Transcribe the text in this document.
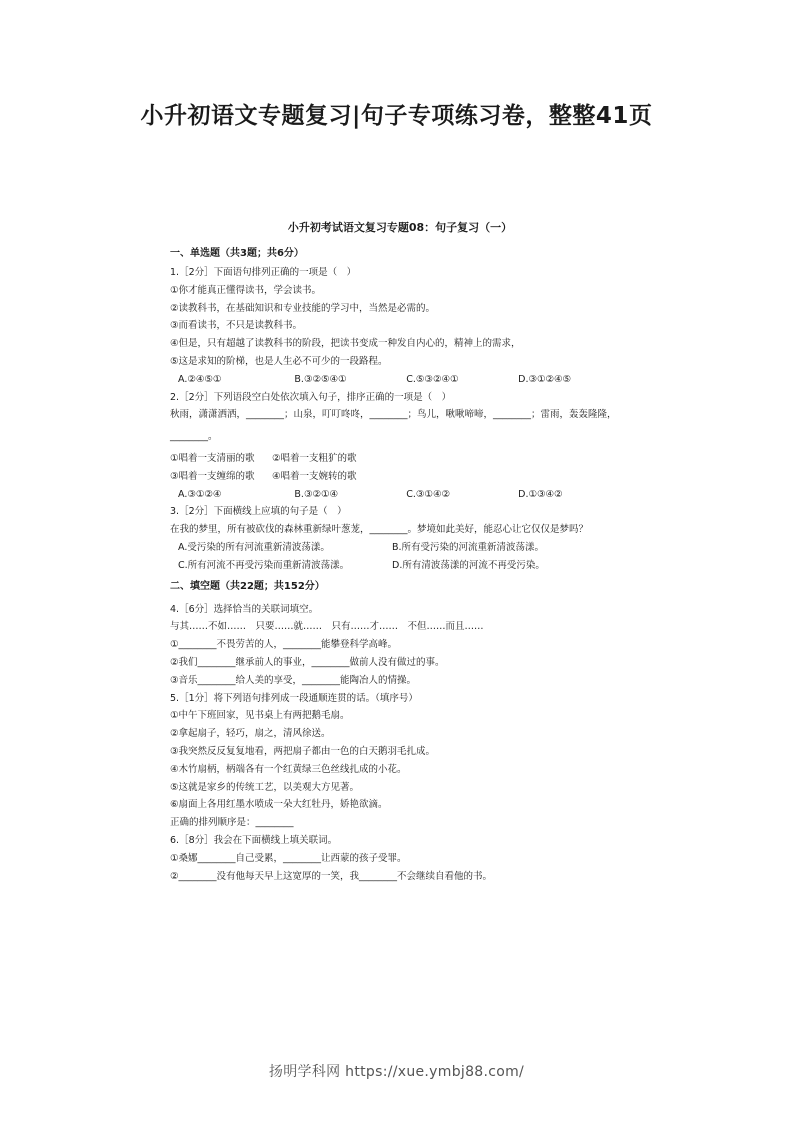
小升初语文专题复习|句子专项练习卷，整整41页
小升初考试语文复习专题08：句子复习（一）
一、单选题（共3题；共6分）
1.［2分］下面语句排列正确的一项是（　）
①你才能真正懂得读书，学会读书。
②读教科书，在基础知识和专业技能的学习中，当然是必需的。
③而看读书，不只是读教科书。
④但是，只有超越了读教科书的阶段，把读书变成一种发自内心的，精神上的需求，
⑤这是求知的阶梯，也是人生必不可少的一段路程。
A.②④⑤①	B.③②⑤④①	C.⑤③②④①	D.③①②④⑤
2.［2分］下列语段空白处依次填入句子，排序正确的一项是（　）
秋雨，潇潇洒洒，________；山泉，叮叮咚咚，________；鸟儿，啾啾啼啼，________；雷雨，轰轰隆隆，
________。
①唱着一支清丽的歌	②唱着一支粗犷的歌
③唱着一支缠绵的歌	④唱着一支婉转的歌
A.③①②④	B.③②①④	C.③①④②	D.①③④②
3.［2分］下面横线上应填的句子是（　）
在我的梦里，所有被砍伐的森林重新绿叶葱茏，________。梦境如此美好，能忍心让它仅仅是梦吗？
A.受污染的所有河流重新清波荡漾。	B.所有受污染的河流重新清波荡漾。
C.所有河流不再受污染而重新清波荡漾。	D.所有清波荡漾的河流不再受污染。
二、填空题（共22题；共152分）
4.［6分］选择恰当的关联词填空。
与其……不如……　只要……就……　只有……才……　不但……而且……
①________不畏劳苦的人，________能攀登科学高峰。
②我们________继承前人的事业，________做前人没有做过的事。
③音乐________给人美的享受，________能陶冶人的情操。
5.［1分］将下列语句排列成一段通顺连贯的话。（填序号）
①中午下班回家，见书桌上有两把鹅毛扇。
②拿起扇子，轻巧，扇之，清风徐送。
③我突然反反复复地看，两把扇子都由一色的白天鹅羽毛扎成。
④木竹扇柄，柄端各有一个红黄绿三色丝线扎成的小花。
⑤这就是家乡的传统工艺，以美观大方见著。
⑥扇面上各用红墨水喷成一朵大红牡丹，娇艳欲滴。
正确的排列顺序是：________
6.［8分］我会在下面横线上填关联词。
①桑娜________自己受累，________让西蒙的孩子受罪。
②________没有他每天早上这宽厚的一笑，我________不会继续自看他的书。
扬明学科网 https://xue.ymbj88.com/
